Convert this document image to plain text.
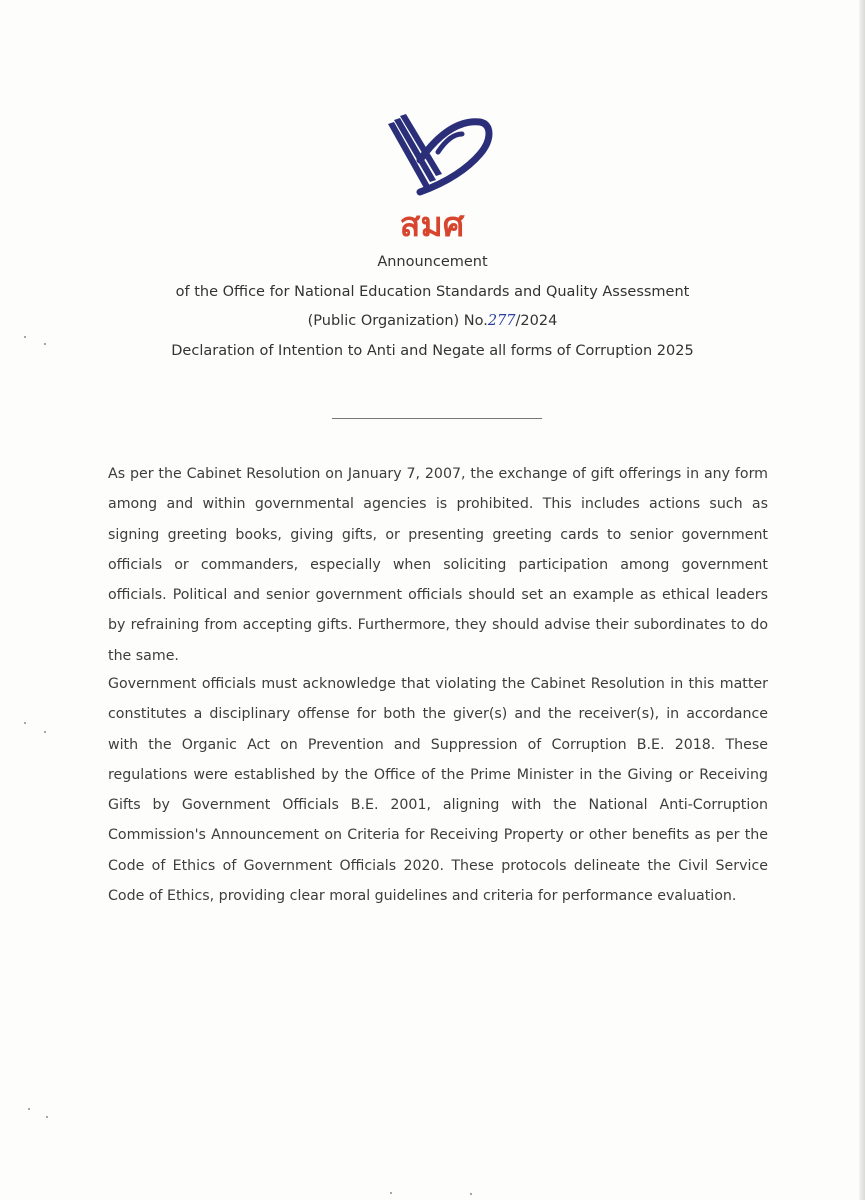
สมศ
Announcement
of the Office for National Education Standards and Quality Assessment
(Public Organization) No.277/2024
Declaration of Intention to Anti and Negate all forms of Corruption 2025
As per the Cabinet Resolution on January 7, 2007, the exchange of gift offerings in any form among and within governmental agencies is prohibited. This includes actions such as signing greeting books, giving gifts, or presenting greeting cards to senior government officials or commanders, especially when soliciting participation among government officials. Political and senior government officials should set an example as ethical leaders by refraining from accepting gifts. Furthermore, they should advise their subordinates to do the same.
Government officials must acknowledge that violating the Cabinet Resolution in this matter constitutes a disciplinary offense for both the giver(s) and the receiver(s), in accordance with the Organic Act on Prevention and Suppression of Corruption B.E. 2018. These regulations were established by the Office of the Prime Minister in the Giving or Receiving Gifts by Government Officials B.E. 2001, aligning with the National Anti-Corruption Commission's Announcement on Criteria for Receiving Property or other benefits as per the Code of Ethics of Government Officials 2020. These protocols delineate the Civil Service Code of Ethics, providing clear moral guidelines and criteria for performance evaluation.
